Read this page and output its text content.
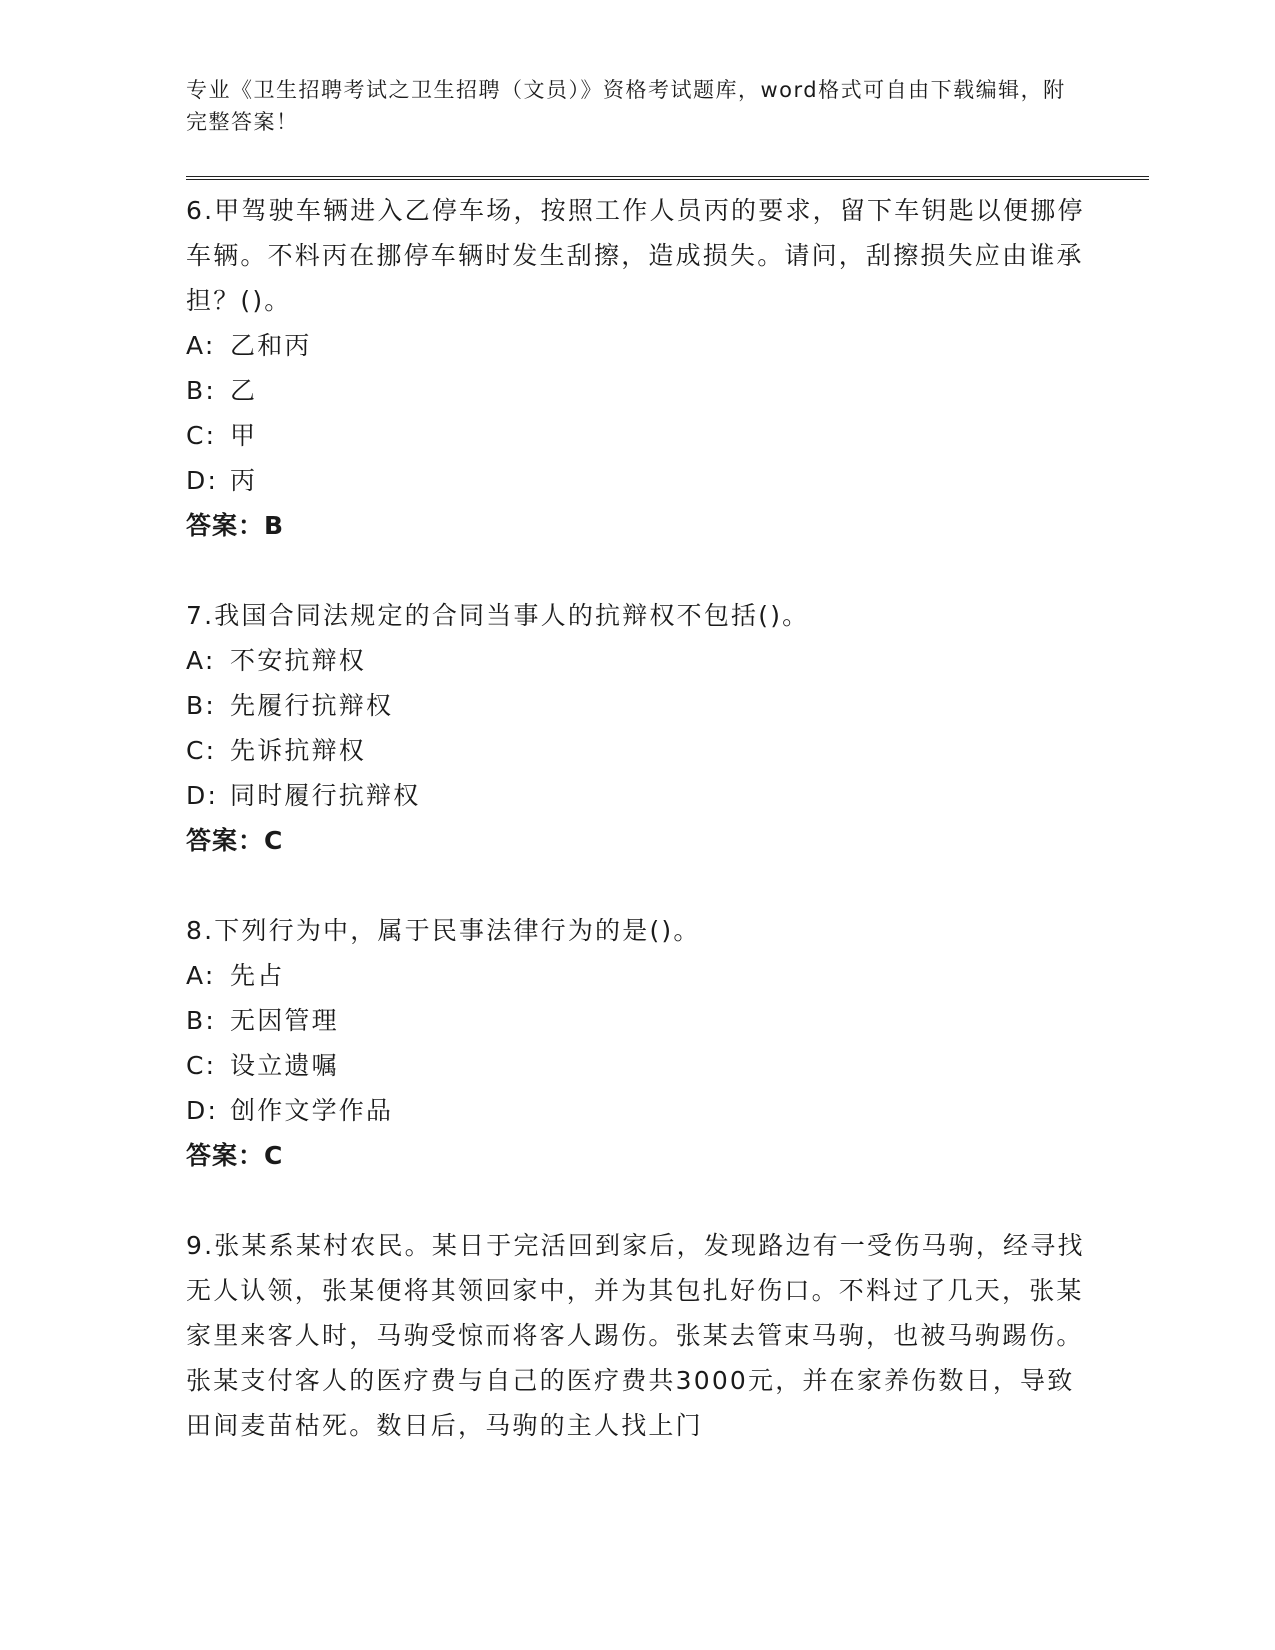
专业《卫生招聘考试之卫生招聘（文员）》资格考试题库，word格式可自由下载编辑，附完整答案！

6.甲驾驶车辆进入乙停车场，按照工作人员丙的要求，留下车钥匙以便挪停车辆。不料丙在挪停车辆时发生刮擦，造成损失。请问，刮擦损失应由谁承担？()。

A: 乙和丙
B: 乙
C: 甲
D: 丙
答案：B

7.我国合同法规定的合同当事人的抗辩权不包括()。

A: 不安抗辩权
B: 先履行抗辩权
C: 先诉抗辩权
D: 同时履行抗辩权
答案：C

8.下列行为中，属于民事法律行为的是()。

A: 先占
B: 无因管理
C: 设立遗嘱
D: 创作文学作品
答案：C

9.张某系某村农民。某日于完活回到家后，发现路边有一受伤马驹，经寻找无人认领，张某便将其领回家中，并为其包扎好伤口。不料过了几天，张某家里来客人时，马驹受惊而将客人踢伤。张某去管束马驹，也被马驹踢伤。张某支付客人的医疗费与自己的医疗费共3000元，并在家养伤数日，导致田间麦苗枯死。数日后，马驹的主人找上门
